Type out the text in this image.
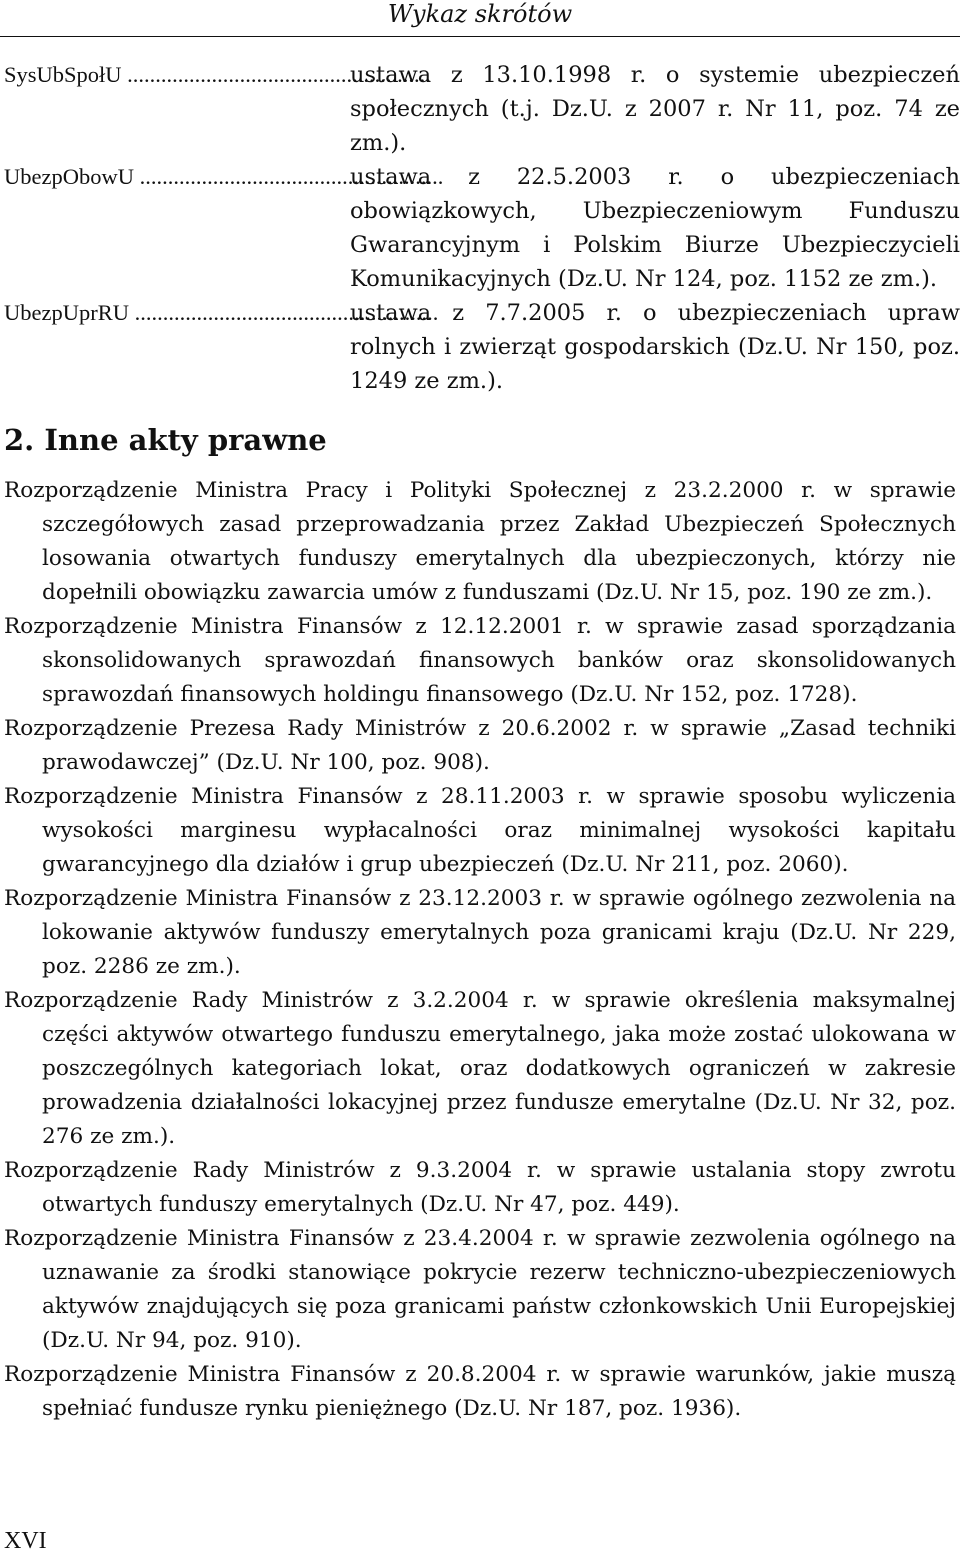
Wykaz skrótów
SysUbSpołU ......................................................
ustawa z 13.10.1998 r. o systemie ubezpieczeń społecznych (t.j. Dz.U. z 2007 r. Nr 11, poz. 74 ze zm.).
UbezpObowU ......................................................
ustawa z 22.5.2003 r. o ubezpieczeniach obowiązkowych, Ubezpieczeniowym Funduszu Gwarancyjnym i Polskim Biurze Ubezpieczycieli Komunikacyjnych (Dz.U. Nr 124, poz. 1152 ze zm.).
UbezpUprRU ......................................................
ustawa z 7.7.2005 r. o ubezpieczeniach upraw rolnych i zwierząt gospodarskich (Dz.U. Nr 150, poz. 1249 ze zm.).
2. Inne akty prawne

Rozporządzenie Ministra Pracy i Polityki Społecznej z 23.2.2000 r. w sprawie szczegółowych zasad przeprowadzania przez Zakład Ubezpieczeń Społecznych losowania otwartych funduszy emerytalnych dla ubezpieczonych, którzy nie dopełnili obowiązku zawarcia umów z funduszami (Dz.U. Nr 15, poz. 190 ze zm.).

Rozporządzenie Ministra Finansów z 12.12.2001 r. w sprawie zasad sporządzania skonsolidowanych sprawozdań finansowych banków oraz skonsolidowanych sprawozdań finansowych holdingu finansowego (Dz.U. Nr 152, poz. 1728).

Rozporządzenie Prezesa Rady Ministrów z 20.6.2002 r. w sprawie „Zasad techniki prawodawczej” (Dz.U. Nr 100, poz. 908).

Rozporządzenie Ministra Finansów z 28.11.2003 r. w sprawie sposobu wyliczenia wysokości marginesu wypłacalności oraz minimalnej wysokości kapitału gwarancyjnego dla działów i grup ubezpieczeń (Dz.U. Nr 211, poz. 2060).

Rozporządzenie Ministra Finansów z 23.12.2003 r. w sprawie ogólnego zezwolenia na lokowanie aktywów funduszy emerytalnych poza granicami kraju (Dz.U. Nr 229, poz. 2286 ze zm.).

Rozporządzenie Rady Ministrów z 3.2.2004 r. w sprawie określenia maksymalnej części aktywów otwartego funduszu emerytalnego, jaka może zostać ulokowana w poszczególnych kategoriach lokat, oraz dodatkowych ograniczeń w zakresie prowadzenia działalności lokacyjnej przez fundusze emerytalne (Dz.U. Nr 32, poz. 276 ze zm.).

Rozporządzenie Rady Ministrów z 9.3.2004 r. w sprawie ustalania stopy zwrotu otwartych funduszy emerytalnych (Dz.U. Nr 47, poz. 449).

Rozporządzenie Ministra Finansów z 23.4.2004 r. w sprawie zezwolenia ogólnego na uznawanie za środki stanowiące pokrycie rezerw techniczno-ubezpieczeniowych aktywów znajdujących się poza granicami państw członkowskich Unii Europejskiej (Dz.U. Nr 94, poz. 910).

Rozporządzenie Ministra Finansów z 20.8.2004 r. w sprawie warunków, jakie muszą spełniać fundusze rynku pieniężnego (Dz.U. Nr 187, poz. 1936).

XVI
